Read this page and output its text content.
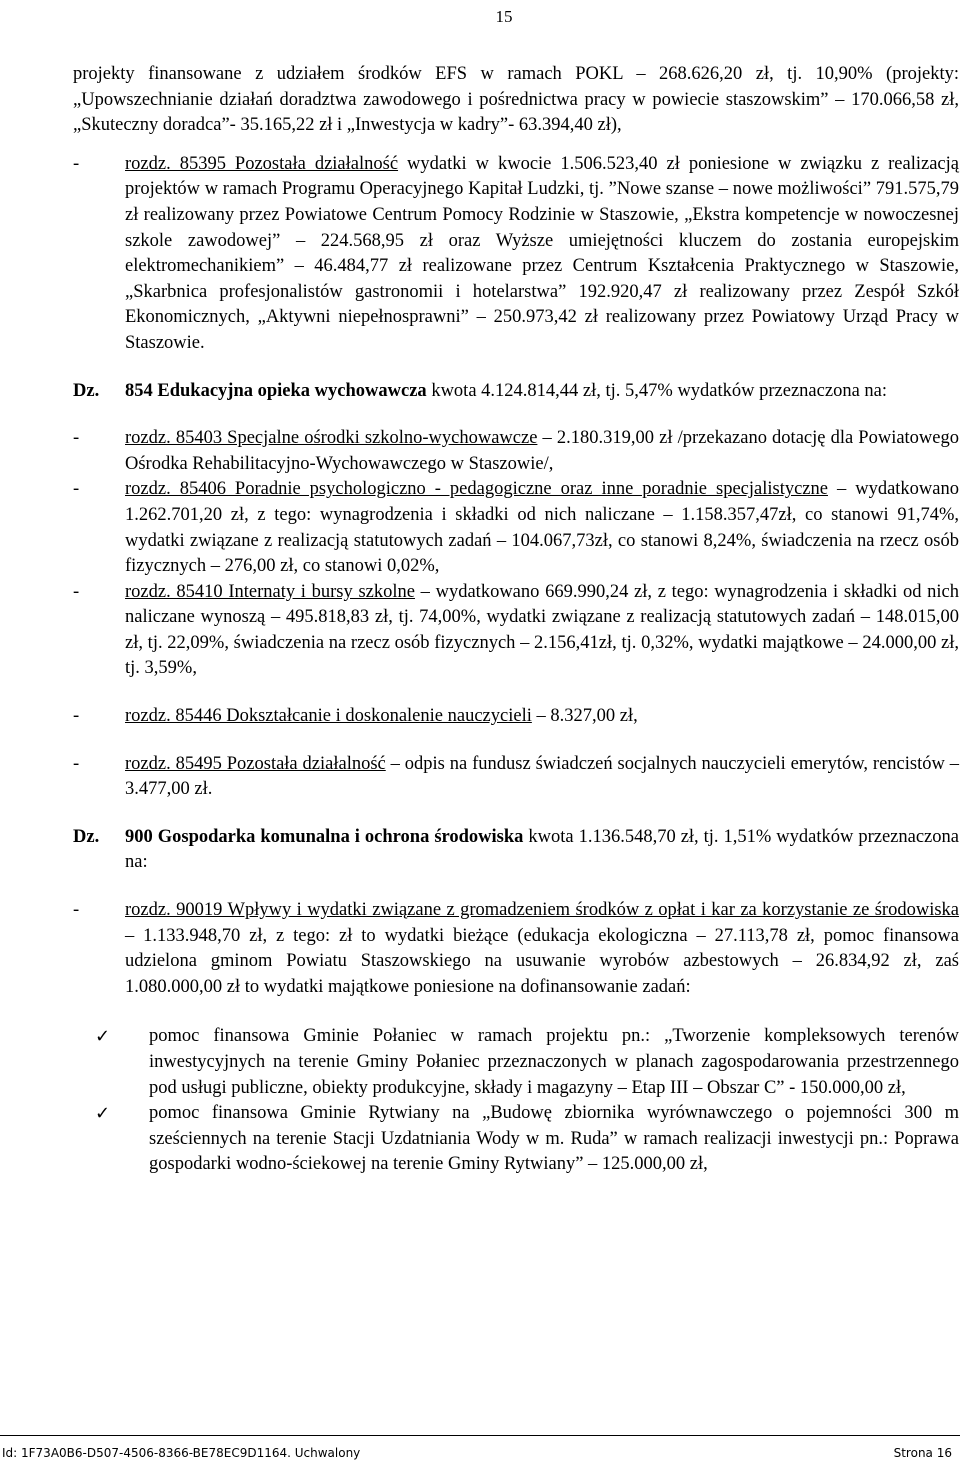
15

projekty finansowane z udziałem środków EFS w ramach POKL – 268.626,20 zł, tj. 10,90% (projekty: „Upowszechnianie działań doradztwa zawodowego i pośrednictwa pracy w powiecie staszowskim” – 170.066,58 zł, „Skuteczny doradca”- 35.165,22 zł i „Inwestycja w kadry”- 63.394,40 zł),

- rozdz. 85395 Pozostała działalność wydatki w kwocie 1.506.523,40 zł poniesione w związku z realizacją projektów w ramach Programu Operacyjnego Kapitał Ludzki, tj. ”Nowe szanse – nowe możliwości” 791.575,79 zł realizowany przez Powiatowe Centrum Pomocy Rodzinie w Staszowie, „Ekstra kompetencje w nowoczesnej szkole zawodowej” – 224.568,95 zł oraz Wyższe umiejętności kluczem do zostania europejskim elektromechanikiem” – 46.484,77 zł realizowane przez Centrum Kształcenia Praktycznego w Staszowie, „Skarbnica profesjonalistów gastronomii i hotelarstwa” 192.920,47 zł realizowany przez Zespół Szkół Ekonomicznych, „Aktywni niepełnosprawni” – 250.973,42 zł realizowany przez Powiatowy Urząd Pracy w Staszowie.
Dz. 854 Edukacyjna opieka wychowawcza kwota 4.124.814,44 zł, tj. 5,47% wydatków przeznaczona na:
- rozdz. 85403 Specjalne ośrodki szkolno-wychowawcze – 2.180.319,00 zł /przekazano dotację dla Powiatowego Ośrodka Rehabilitacyjno-Wychowawczego w Staszowie/,
- rozdz. 85406 Poradnie psychologiczno - pedagogiczne oraz inne poradnie specjalistyczne – wydatkowano 1.262.701,20 zł, z tego: wynagrodzenia i składki od nich naliczane – 1.158.357,47zł, co stanowi 91,74%, wydatki związane z realizacją statutowych zadań – 104.067,73zł, co stanowi 8,24%, świadczenia na rzecz osób fizycznych – 276,00 zł, co stanowi 0,02%,
- rozdz. 85410 Internaty i bursy szkolne – wydatkowano 669.990,24 zł, z tego: wynagrodzenia i składki od nich naliczane wynoszą – 495.818,83 zł, tj. 74,00%, wydatki związane z realizacją statutowych zadań – 148.015,00 zł, tj. 22,09%, świadczenia na rzecz osób fizycznych – 2.156,41zł, tj. 0,32%, wydatki majątkowe – 24.000,00 zł, tj. 3,59%,
- rozdz. 85446 Dokształcanie i doskonalenie nauczycieli – 8.327,00 zł,
- rozdz. 85495 Pozostała działalność – odpis na fundusz świadczeń socjalnych nauczycieli emerytów, rencistów – 3.477,00 zł.
Dz. 900 Gospodarka komunalna i ochrona środowiska kwota 1.136.548,70 zł, tj. 1,51% wydatków przeznaczona na:
- rozdz. 90019 Wpływy i wydatki związane z gromadzeniem środków z opłat i kar za korzystanie ze środowiska – 1.133.948,70 zł, z tego: zł to wydatki bieżące (edukacja ekologiczna – 27.113,78 zł, pomoc finansowa udzielona gminom Powiatu Staszowskiego na usuwanie wyrobów azbestowych – 26.834,92 zł, zaś 1.080.000,00 zł to wydatki majątkowe poniesione na dofinansowanie zadań:
✓ pomoc finansowa Gminie Połaniec w ramach projektu pn.: „Tworzenie kompleksowych terenów inwestycyjnych na terenie Gminy Połaniec przeznaczonych w planach zagospodarowania przestrzennego pod usługi publiczne, obiekty produkcyjne, składy i magazyny – Etap III – Obszar C” - 150.000,00 zł,
✓ pomoc finansowa Gminie Rytwiany na „Budowę zbiornika wyrównawczego o pojemności 300 m sześciennych na terenie Stacji Uzdatniania Wody w m. Ruda” w ramach realizacji inwestycji pn.: Poprawa gospodarki wodno-ściekowej na terenie Gminy Rytwiany” – 125.000,00 zł,
Id: 1F73A0B6-D507-4506-8366-BE78EC9D1164. Uchwalony	Strona 16
